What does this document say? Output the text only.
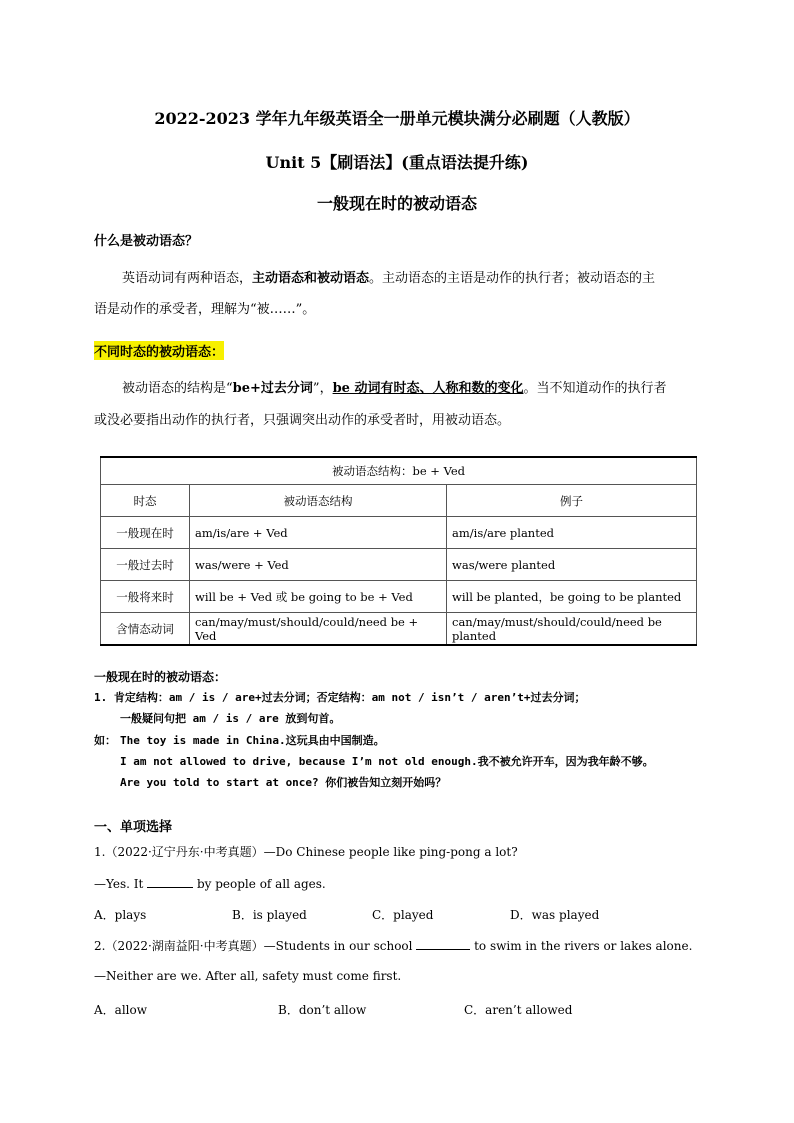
2022-2023 学年九年级英语全一册单元模块满分必刷题（人教版）
Unit 5【刷语法】(重点语法提升练)
一般现在时的被动语态
什么是被动语态？
英语动词有两种语态，主动语态和被动语态。主动语态的主语是动作的执行者；被动语态的主
语是动作的承受者，理解为“被……”。
不同时态的被动语态：
被动语态的结构是“be+过去分词”，be 动词有时态、人称和数的变化。当不知道动作的执行者
或没必要指出动作的执行者，只强调突出动作的承受者时，用被动语态。
被动语态结构：be + Ved		
时态	被动语态结构	例子
一般现在时	am/is/are + Ved	am/is/are planted
一般过去时	was/were + Ved	was/were planted
一般将来时	will be + Ved 或 be going to be + Ved	will be planted，be going to be planted
含情态动词	can/may/must/should/could/need be + Ved	can/may/must/should/could/need be planted
一般现在时的被动语态：
1. 肯定结构：am / is / are+过去分词；否定结构：am not / isn’t / aren’t+过去分词；
一般疑问句把 am / is / are 放到句首。
如： The toy is made in China.这玩具由中国制造。
I am not allowed to drive, because I’m not old enough.我不被允许开车，因为我年龄不够。
Are you told to start at once? 你们被告知立刻开始吗？
一、单项选择
1.（2022·辽宁丹东·中考真题）—Do Chinese people like ping-pong a lot?
—Yes. It	by people of all ages.
A．plays	B．is played	C．played	D．was played
2.（2022·湖南益阳·中考真题）—Students in our school	to swim in the rivers or lakes alone.
—Neither are we. After all, safety must come first.
A．allow	B．don’t allow	C．aren’t allowed
